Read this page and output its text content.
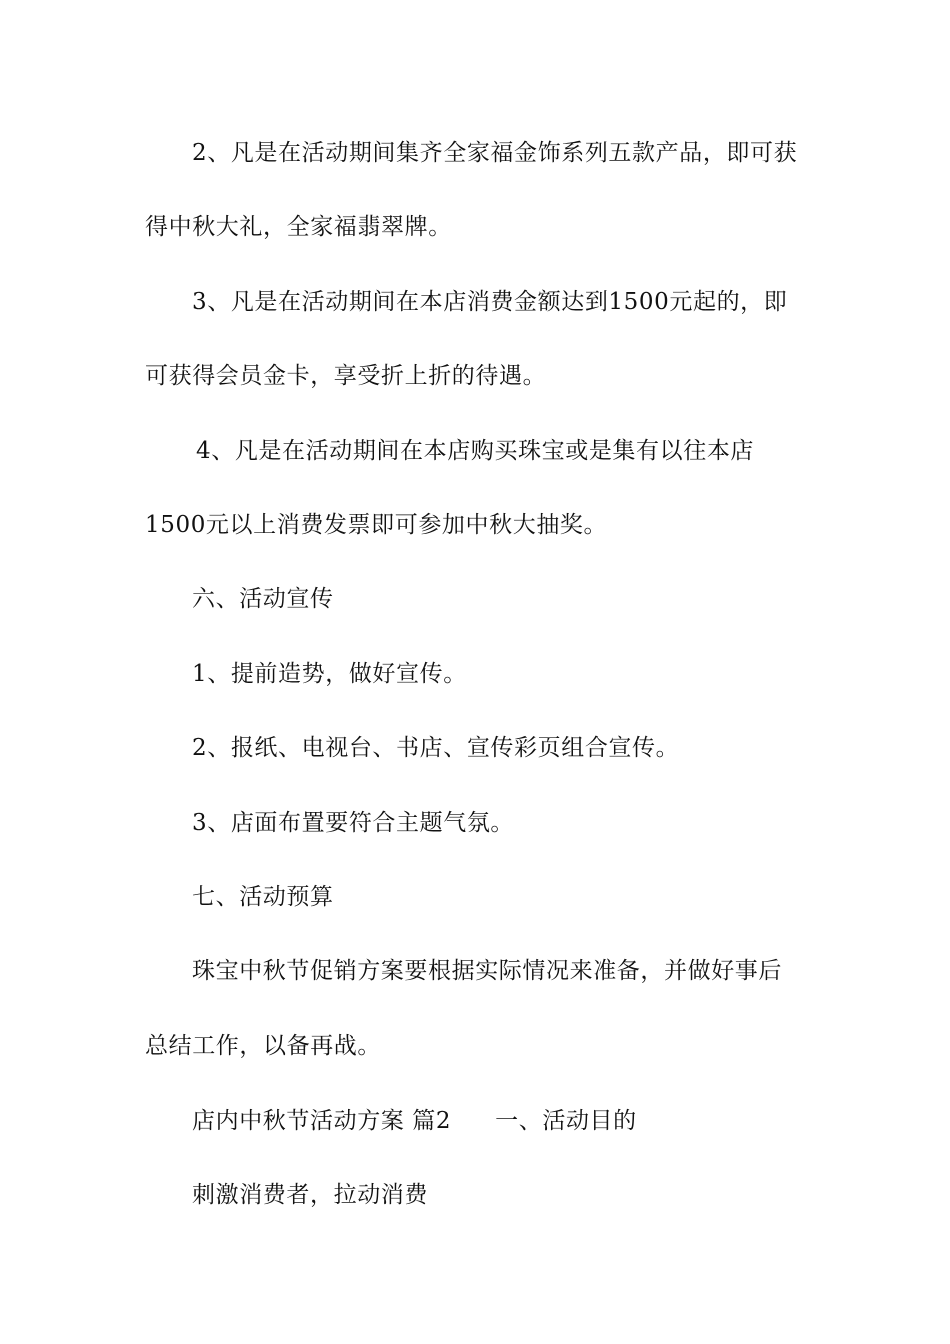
2、凡是在活动期间集齐全家福金饰系列五款产品，即可获
得中秋大礼，全家福翡翠牌。
3、凡是在活动期间在本店消费金额达到1500元起的，即
可获得会员金卡，享受折上折的待遇。
4、凡是在活动期间在本店购买珠宝或是集有以往本店
1500元以上消费发票即可参加中秋大抽奖。
六、活动宣传
1、提前造势，做好宣传。
2、报纸、电视台、书店、宣传彩页组合宣传。
3、店面布置要符合主题气氛。
七、活动预算
珠宝中秋节促销方案要根据实际情况来准备，并做好事后
总结工作，以备再战。
店内中秋节活动方案 篇2 一、活动目的
刺激消费者，拉动消费
